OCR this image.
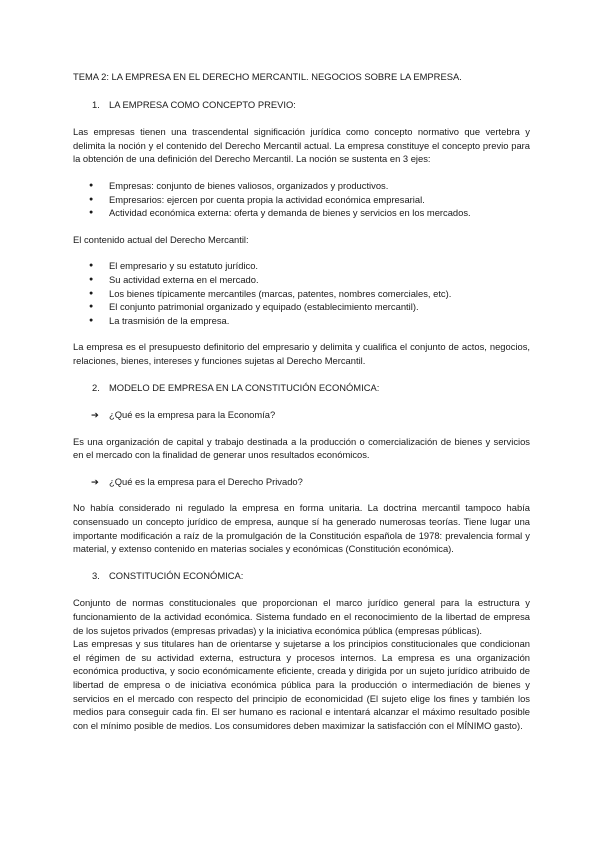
TEMA 2: LA EMPRESA EN EL DERECHO MERCANTIL. NEGOCIOS SOBRE LA EMPRESA.
1. LA EMPRESA COMO CONCEPTO PREVIO:

Las empresas tienen una trascendental significación jurídica como concepto normativo que vertebra y delimita la noción y el contenido del Derecho Mercantil actual. La empresa constituye el concepto previo para la obtención de una definición del Derecho Mercantil. La noción se sustenta en 3 ejes:

● Empresas: conjunto de bienes valiosos, organizados y productivos.
● Empresarios: ejercen por cuenta propia la actividad económica empresarial.
● Actividad económica externa: oferta y demanda de bienes y servicios en los mercados.

El contenido actual del Derecho Mercantil:

● El empresario y su estatuto jurídico.
● Su actividad externa en el mercado.
● Los bienes típicamente mercantiles (marcas, patentes, nombres comerciales, etc).
● El conjunto patrimonial organizado y equipado (establecimiento mercantil).
● La trasmisión de la empresa.

La empresa es el presupuesto definitorio del empresario y delimita y cualifica el conjunto de actos, negocios, relaciones, bienes, intereses y funciones sujetas al Derecho Mercantil.

2. MODELO DE EMPRESA EN LA CONSTITUCIÓN ECONÓMICA:
➔ ¿Qué es la empresa para la Economía?

Es una organización de capital y trabajo destinada a la producción o comercialización de bienes y servicios en el mercado con la finalidad de generar unos resultados económicos.

➔ ¿Qué es la empresa para el Derecho Privado?

No había considerado ni regulado la empresa en forma unitaria. La doctrina mercantil tampoco había consensuado un concepto jurídico de empresa, aunque sí ha generado numerosas teorías. Tiene lugar una importante modificación a raíz de la promulgación de la Constitución española de 1978: prevalencia formal y material, y extenso contenido en materias sociales y económicas (Constitución económica).

3. CONSTITUCIÓN ECONÓMICA:

Conjunto de normas constitucionales que proporcionan el marco jurídico general para la estructura y funcionamiento de la actividad económica. Sistema fundado en el reconocimiento de la libertad de empresa de los sujetos privados (empresas privadas) y la iniciativa económica pública (empresas públicas).

Las empresas y sus titulares han de orientarse y sujetarse a los principios constitucionales que condicionan el régimen de su actividad externa, estructura y procesos internos. La empresa es una organización económica productiva, y socio económicamente eficiente, creada y dirigida por un sujeto jurídico atribuido de libertad de empresa o de iniciativa económica pública para la producción o intermediación de bienes y servicios en el mercado con respecto del principio de economicidad (El sujeto elige los fines y también los medios para conseguir cada fin. El ser humano es racional e intentará alcanzar el máximo resultado posible con el mínimo posible de medios. Los consumidores deben maximizar la satisfacción con el MÍNIMO gasto).
